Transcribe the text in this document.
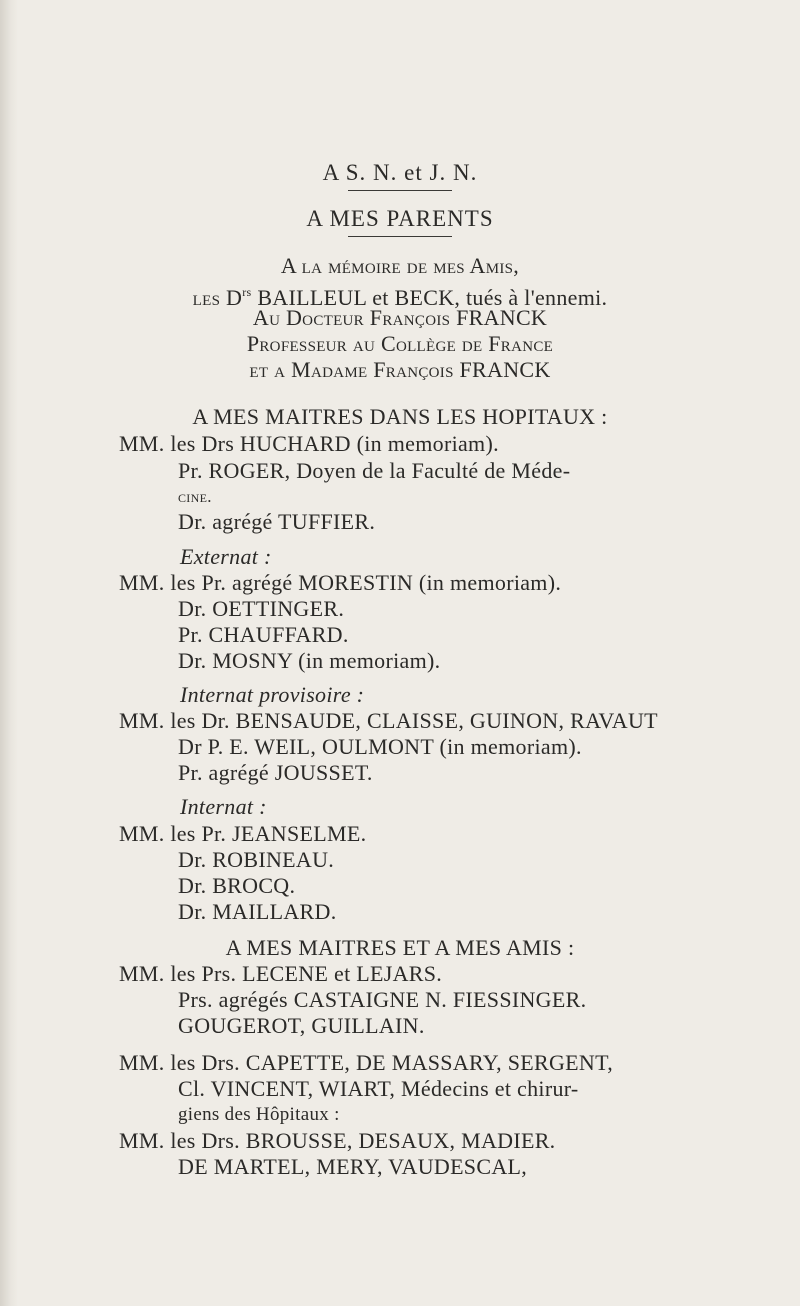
A S. N. et J. N.
A MES PARENTS
A la mémoire de mes Amis,
les $D^{rs}$ BAILLEUL et BECK, tués à l'ennemi.
Au Docteur François FRANCK
Professeur au Collège de France
et a Madame François FRANCK
A MES MAITRES DANS LES HOPITAUX :
MM. les Drs HUCHARD (in memoriam).
Pr. ROGER, Doyen de la Faculté de Méde-
cine.
Dr. agrégé TUFFIER.
Externat :
MM. les Pr. agrégé MORESTIN (in memoriam).
Dr. OETTINGER.
Pr. CHAUFFARD.
Dr. MOSNY (in memoriam).
Internat provisoire :
MM. les Dr. BENSAUDE, CLAISSE, GUINON, RAVAUT
Dr P. E. WEIL, OULMONT (in memoriam).
Pr. agrégé JOUSSET.
Internat :
MM. les Pr. JEANSELME.
Dr. ROBINEAU.
Dr. BROCQ.
Dr. MAILLARD.
A MES MAITRES ET A MES AMIS :
MM. les Prs. LECENE et LEJARS.
Prs. agrégés CASTAIGNE N. FIESSINGER.
GOUGEROT, GUILLAIN.
MM. les Drs. CAPETTE, DE MASSARY, SERGENT,
Cl. VINCENT, WIART, Médecins et chirur-
giens des Hôpitaux :
MM. les Drs. BROUSSE, DESAUX, MADIER.
DE MARTEL, MERY, VAUDESCAL,
